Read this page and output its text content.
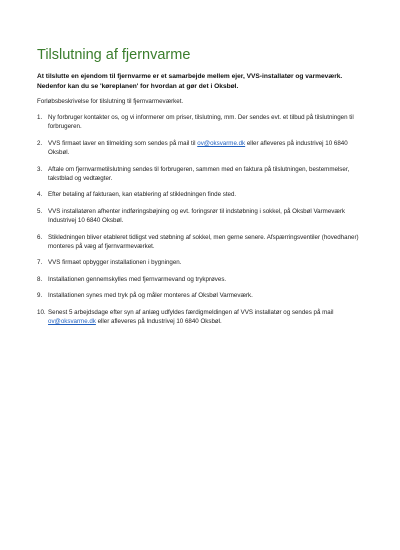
Tilslutning af fjernvarme

At tilslutte en ejendom til fjernvarme er et samarbejde mellem ejer, VVS-installatør og varmeværk. Nedenfor kan du se 'køreplanen' for hvordan at gør det i Oksbøl.

Forløbsbeskrivelse for tilslutning til fjernvarmeværket.

1. Ny forbruger kontakter os, og vi informerer om priser, tilslutning, mm. Der sendes evt. et tilbud på tilslutningen til forbrugeren.
2. VVS firmaet laver en tilmelding som sendes på mail til ov@oksvarme.dk eller afleveres på industrivej 10 6840 Oksbøl.
3. Aftale om fjernvarmetilslutning sendes til forbrugeren, sammen med en faktura på tilslutningen, bestemmelser, takstblad og vedtægter.
4. Efter betaling af fakturaen, kan etablering af stikledningen finde sted.
5. VVS installatøren afhenter indføringsbøjning og evt. foringsrør til indstøbning i sokkel, på Oksbøl Varmeværk Industrivej 10 6840 Oksbøl.
6. Stikledningen bliver etableret tidligst ved støbning af sokkel, men gerne senere. Afspærringsventiler (hovedhaner) monteres på væg af fjernvarmeværket.
7. VVS firmaet opbygger installationen i bygningen.
8. Installationen gennemskylles med fjernvarmevand og trykprøves.
9. Installationen synes med tryk på og måler monteres af Oksbøl Varmeværk.
10. Senest 5 arbejdsdage efter syn af anlæg udfyldes færdigmeldingen af VVS installatør og sendes på mail ov@oksvarme.dk eller afleveres på Industrivej 10 6840 Oksbøl.
